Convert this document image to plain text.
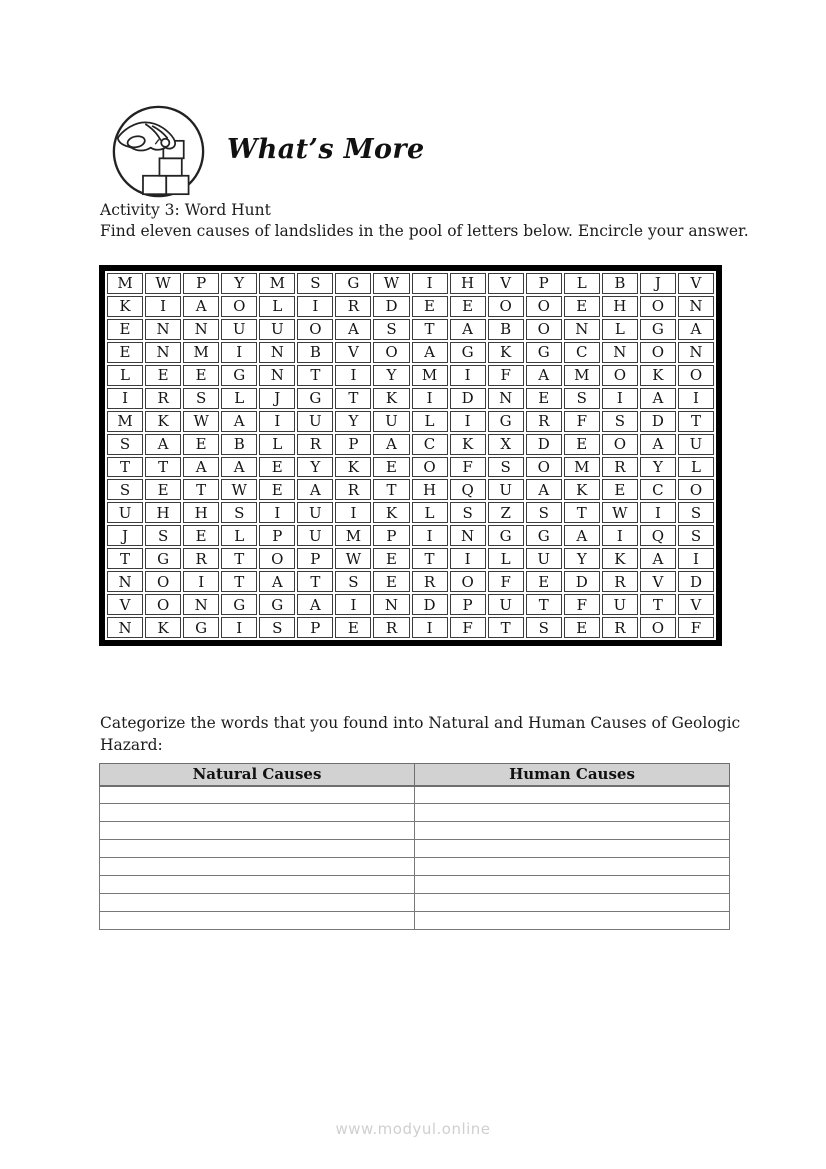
What’s More
Activity 3: Word Hunt
Find eleven causes of landslides in the pool of letters below. Encircle your answer.
M	W	P	Y	M	S	G	W	I	H	V	P	L	B	J	V
K	I	A	O	L	I	R	D	E	E	O	O	E	H	O	N
E	N	N	U	U	O	A	S	T	A	B	O	N	L	G	A
E	N	M	I	N	B	V	O	A	G	K	G	C	N	O	N
L	E	E	G	N	T	I	Y	M	I	F	A	M	O	K	O
I	R	S	L	J	G	T	K	I	D	N	E	S	I	A	I
M	K	W	A	I	U	Y	U	L	I	G	R	F	S	D	T
S	A	E	B	L	R	P	A	C	K	X	D	E	O	A	U
T	T	A	A	E	Y	K	E	O	F	S	O	M	R	Y	L
S	E	T	W	E	A	R	T	H	Q	U	A	K	E	C	O
U	H	H	S	I	U	I	K	L	S	Z	S	T	W	I	S
J	S	E	L	P	U	M	P	I	N	G	G	A	I	Q	S
T	G	R	T	O	P	W	E	T	I	L	U	Y	K	A	I
N	O	I	T	A	T	S	E	R	O	F	E	D	R	V	D
V	O	N	G	G	A	I	N	D	P	U	T	F	U	T	V
N	K	G	I	S	P	E	R	I	F	T	S	E	R	O	F
Categorize the words that you found into Natural and Human Causes of Geologic Hazard:
Natural Causes	Human Causes

www.modyul.online
